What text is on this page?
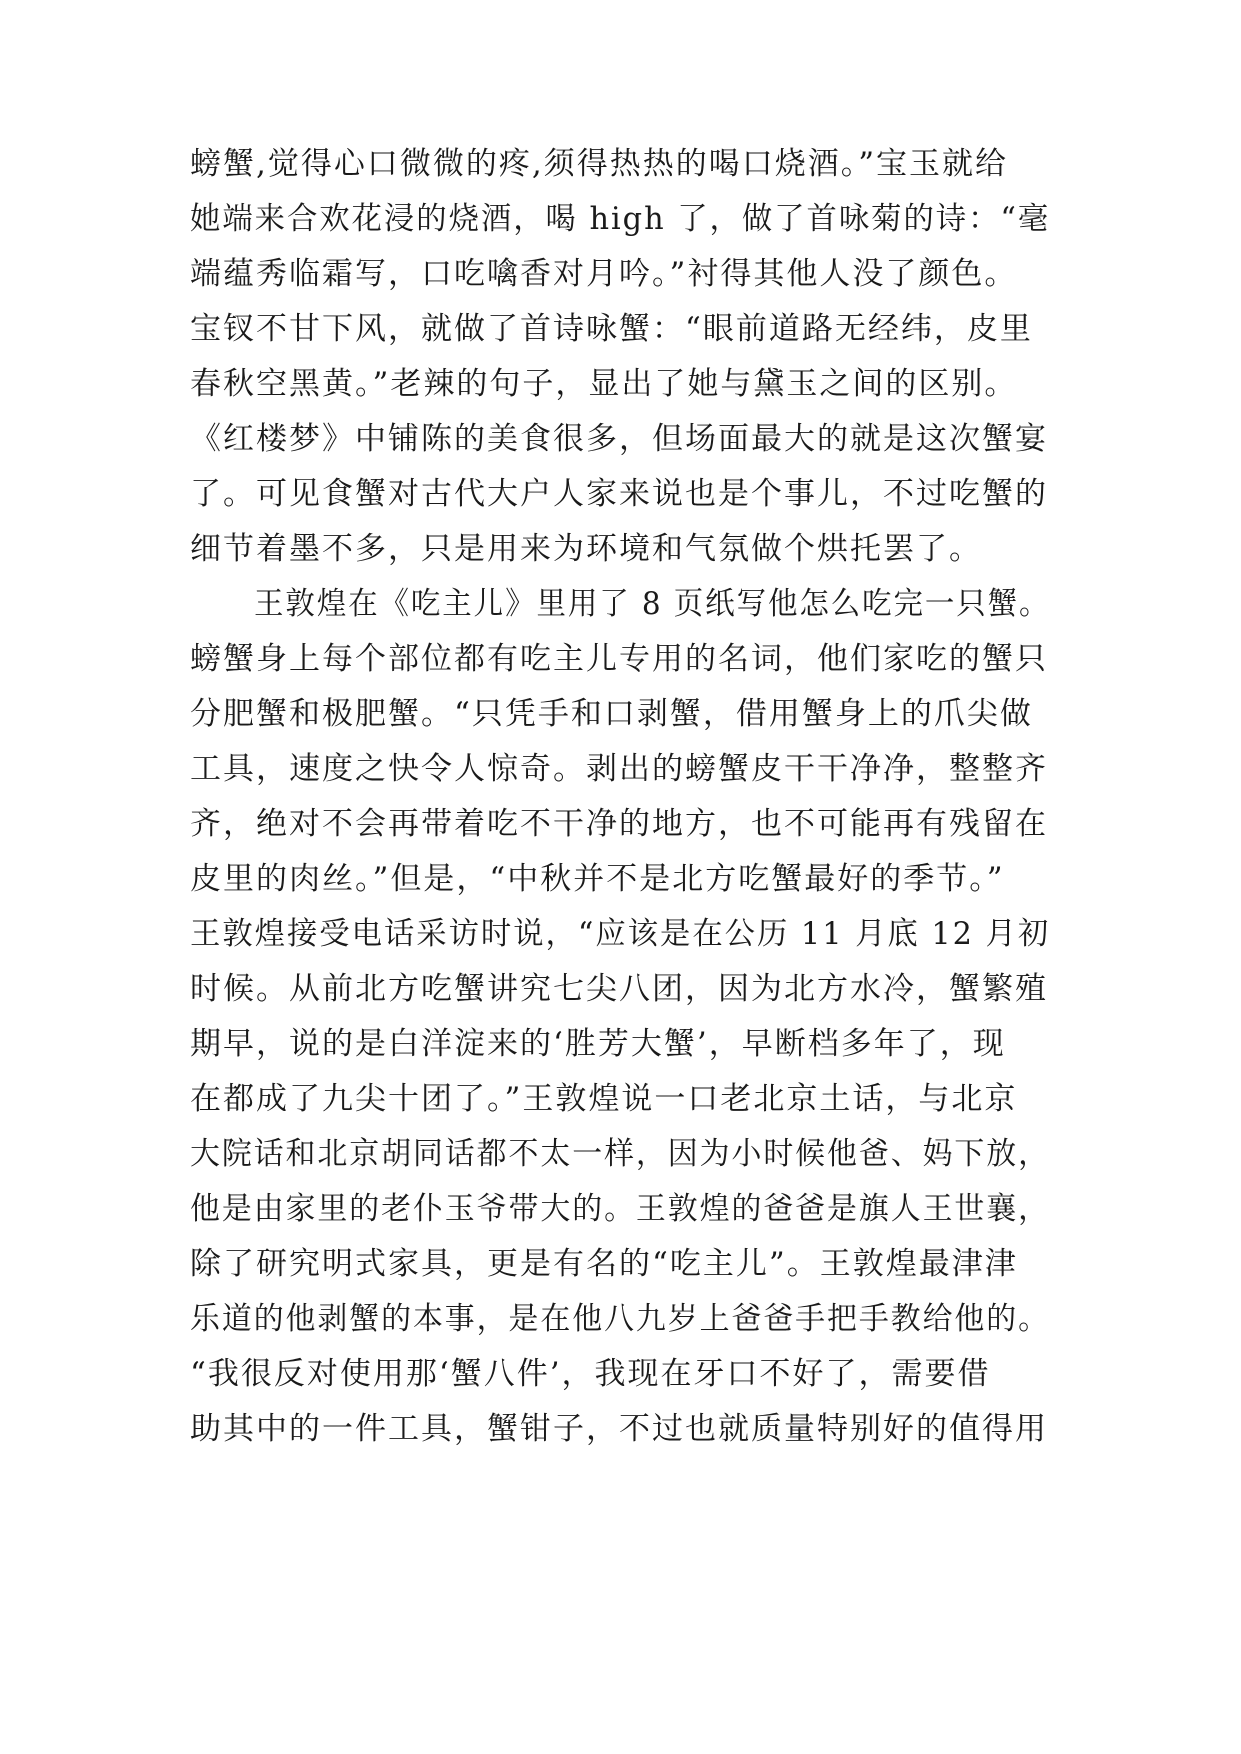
螃蟹,觉得心口微微的疼,须得热热的喝口烧酒。”宝玉就给
她端来合欢花浸的烧酒，喝 high 了，做了首咏菊的诗：“毫
端蕴秀临霜写，口吃噙香对月吟。”衬得其他人没了颜色。
宝钗不甘下风，就做了首诗咏蟹：“眼前道路无经纬，皮里
春秋空黑黄。”老辣的句子，显出了她与黛玉之间的区别。
《红楼梦》中铺陈的美食很多，但场面最大的就是这次蟹宴
了。可见食蟹对古代大户人家来说也是个事儿，不过吃蟹的
细节着墨不多，只是用来为环境和气氛做个烘托罢了。
王敦煌在《吃主儿》里用了 8 页纸写他怎么吃完一只蟹。
螃蟹身上每个部位都有吃主儿专用的名词，他们家吃的蟹只
分肥蟹和极肥蟹。“只凭手和口剥蟹，借用蟹身上的爪尖做
工具，速度之快令人惊奇。剥出的螃蟹皮干干净净，整整齐
齐，绝对不会再带着吃不干净的地方，也不可能再有残留在
皮里的肉丝。”但是，“中秋并不是北方吃蟹最好的季节。”
王敦煌接受电话采访时说，“应该是在公历 11 月底 12 月初
时候。从前北方吃蟹讲究七尖八团，因为北方水冷，蟹繁殖
期早，说的是白洋淀来的‘胜芳大蟹’，早断档多年了，现
在都成了九尖十团了。”王敦煌说一口老北京土话，与北京
大院话和北京胡同话都不太一样，因为小时候他爸、妈下放，
他是由家里的老仆玉爷带大的。王敦煌的爸爸是旗人王世襄，
除了研究明式家具，更是有名的“吃主儿”。王敦煌最津津
乐道的他剥蟹的本事，是在他八九岁上爸爸手把手教给他的。
“我很反对使用那‘蟹八件’，我现在牙口不好了，需要借
助其中的一件工具，蟹钳子，不过也就质量特别好的值得用
